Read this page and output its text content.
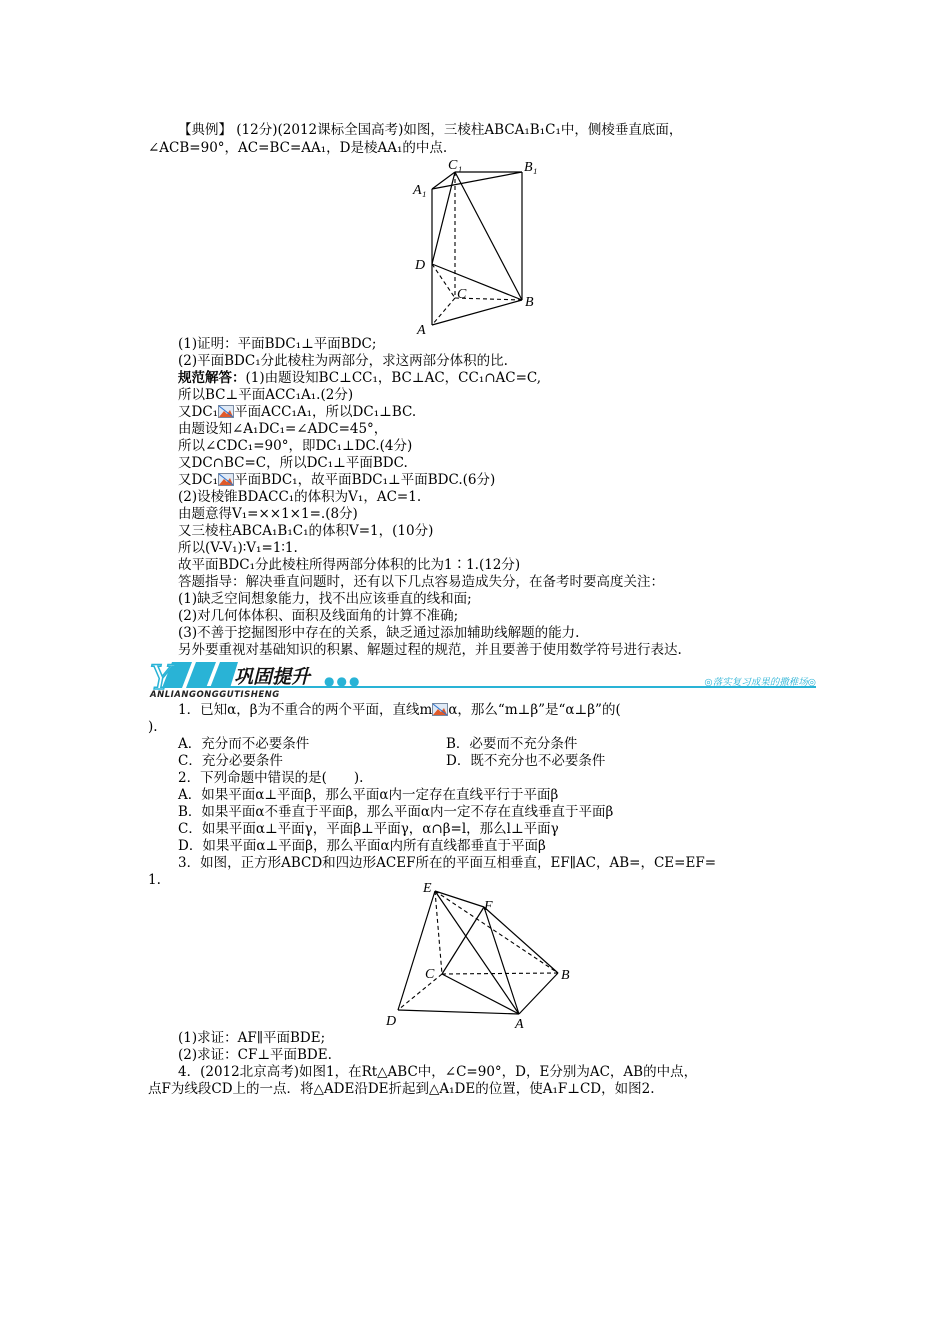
【典例】 (12分)(2012课标全国高考)如图，三棱柱ABCA₁B₁C₁中，侧棱垂直底面，
∠ACB=90°，AC=BC=AA₁，D是棱AA₁的中点.
C₁	B₁
A₁
D
C
B
A
(1)证明：平面BDC₁⊥平面BDC;
(2)平面BDC₁分此棱柱为两部分，求这两部分体积的比.
规范解答：(1)由题设知BC⊥CC₁，BC⊥AC，CC₁∩AC=C,
所以BC⊥平面ACC₁A₁.(2分)
又DC₁ 平面ACC₁A₁，所以DC₁⊥BC.
由题设知∠A₁DC₁=∠ADC=45°，
所以∠CDC₁=90°，即DC₁⊥DC.(4分)
又DC∩BC=C，所以DC₁⊥平面BDC.
又DC₁ 平面BDC₁，故平面BDC₁⊥平面BDC.(6分)
(2)设棱锥BDACC₁的体积为V₁，AC=1.
由题意得V₁=××1×1=.(8分)
又三棱柱ABCA₁B₁C₁的体积V=1，(10分)
所以(V-V₁)∶V₁=1∶1.
故平面BDC₁分此棱柱所得两部分体积的比为1∶1.(12分)
答题指导：解决垂直问题时，还有以下几点容易造成失分，在备考时要高度关注：
(1)缺乏空间想象能力，找不出应该垂直的线和面;
(2)对几何体体积、面积及线面角的计算不准确;
(3)不善于挖掘图形中存在的关系，缺乏通过添加辅助线解题的能力.
另外要重视对基础知识的积累、解题过程的规范，并且要善于使用数学符号进行表达.
Y	巩固提升 ●●●	◎落实复习成果的撒稚场◎
ANLIANGONGGUTISHENG
1．已知α，β为不重合的两个平面，直线m α，那么“m⊥β”是“α⊥β”的(
).
A．充分而不必要条件	B．必要而不充分条件
C．充分必要条件	D．既不充分也不必要条件
2．下列命题中错误的是(　　).
A．如果平面α⊥平面β，那么平面α内一定存在直线平行于平面β
B．如果平面α不垂直于平面β，那么平面α内一定不存在直线垂直于平面β
C．如果平面α⊥平面γ，平面β⊥平面γ，α∩β=l，那么l⊥平面γ
D．如果平面α⊥平面β，那么平面α内所有直线都垂直于平面β
3．如图，正方形ABCD和四边形ACEF所在的平面互相垂直，EF∥AC，AB=，CE=EF=
1.
E
F
C	B
D	A
(1)求证：AF∥平面BDE;
(2)求证：CF⊥平面BDE.
4．(2012北京高考)如图1，在Rt△ABC中，∠C=90°，D，E分别为AC，AB的中点，
点F为线段CD上的一点．将△ADE沿DE折起到△A₁DE的位置，使A₁F⊥CD，如图2.
